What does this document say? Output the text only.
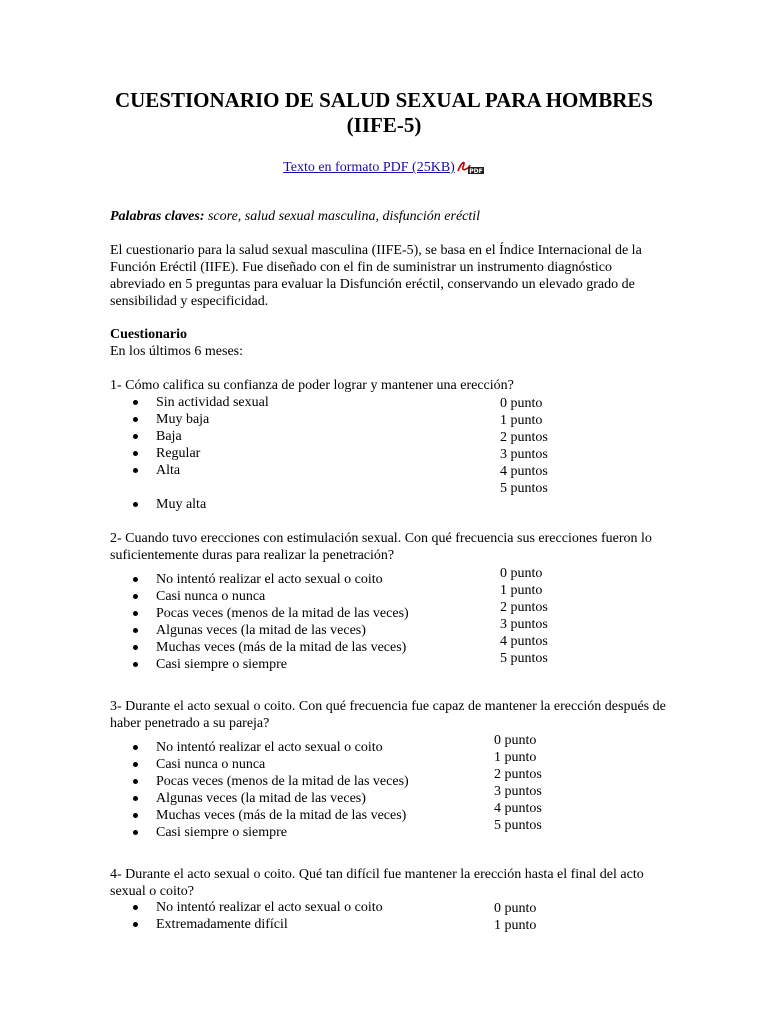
CUESTIONARIO DE SALUD SEXUAL PARA HOMBRES (IIFE-5)
Texto en formato PDF (25KB) PDF
Palabras claves: score, salud sexual masculina, disfunción eréctil
El cuestionario para la salud sexual masculina (IIFE-5), se basa en el Índice Internacional de la Función Eréctil (IIFE). Fue diseñado con el fin de suministrar un instrumento diagnóstico abreviado en 5 preguntas para evaluar la Disfunción eréctil, conservando un elevado grado de sensibilidad y especificidad.
Cuestionario
En los últimos 6 meses:
1- Cómo califica su confianza de poder lograr y mantener una erección?
Sin actividad sexual
Muy baja
Baja
Regular
Alta
Muy alta
0 punto
1 punto
2 puntos
3 puntos
4 puntos
5 puntos
2- Cuando tuvo erecciones con estimulación sexual. Con qué frecuencia sus erecciones fueron lo suficientemente duras para realizar la penetración?
No intentó realizar el acto sexual o coito
Casi nunca o nunca
Pocas veces (menos de la mitad de las veces)
Algunas veces (la mitad de las veces)
Muchas veces (más de la mitad de las veces)
Casi siempre o siempre
0 punto
1 punto
2 puntos
3 puntos
4 puntos
5 puntos
3- Durante el acto sexual o coito. Con qué frecuencia fue capaz de mantener la erección después de haber penetrado a su pareja?
No intentó realizar el acto sexual o coito
Casi nunca o nunca
Pocas veces (menos de la mitad de las veces)
Algunas veces (la mitad de las veces)
Muchas veces (más de la mitad de las veces)
Casi siempre o siempre
0 punto
1 punto
2 puntos
3 puntos
4 puntos
5 puntos
4- Durante el acto sexual o coito. Qué tan difícil fue mantener la erección hasta el final del acto sexual o coito?
No intentó realizar el acto sexual o coito
Extremadamente difícil
0 punto
1 punto
